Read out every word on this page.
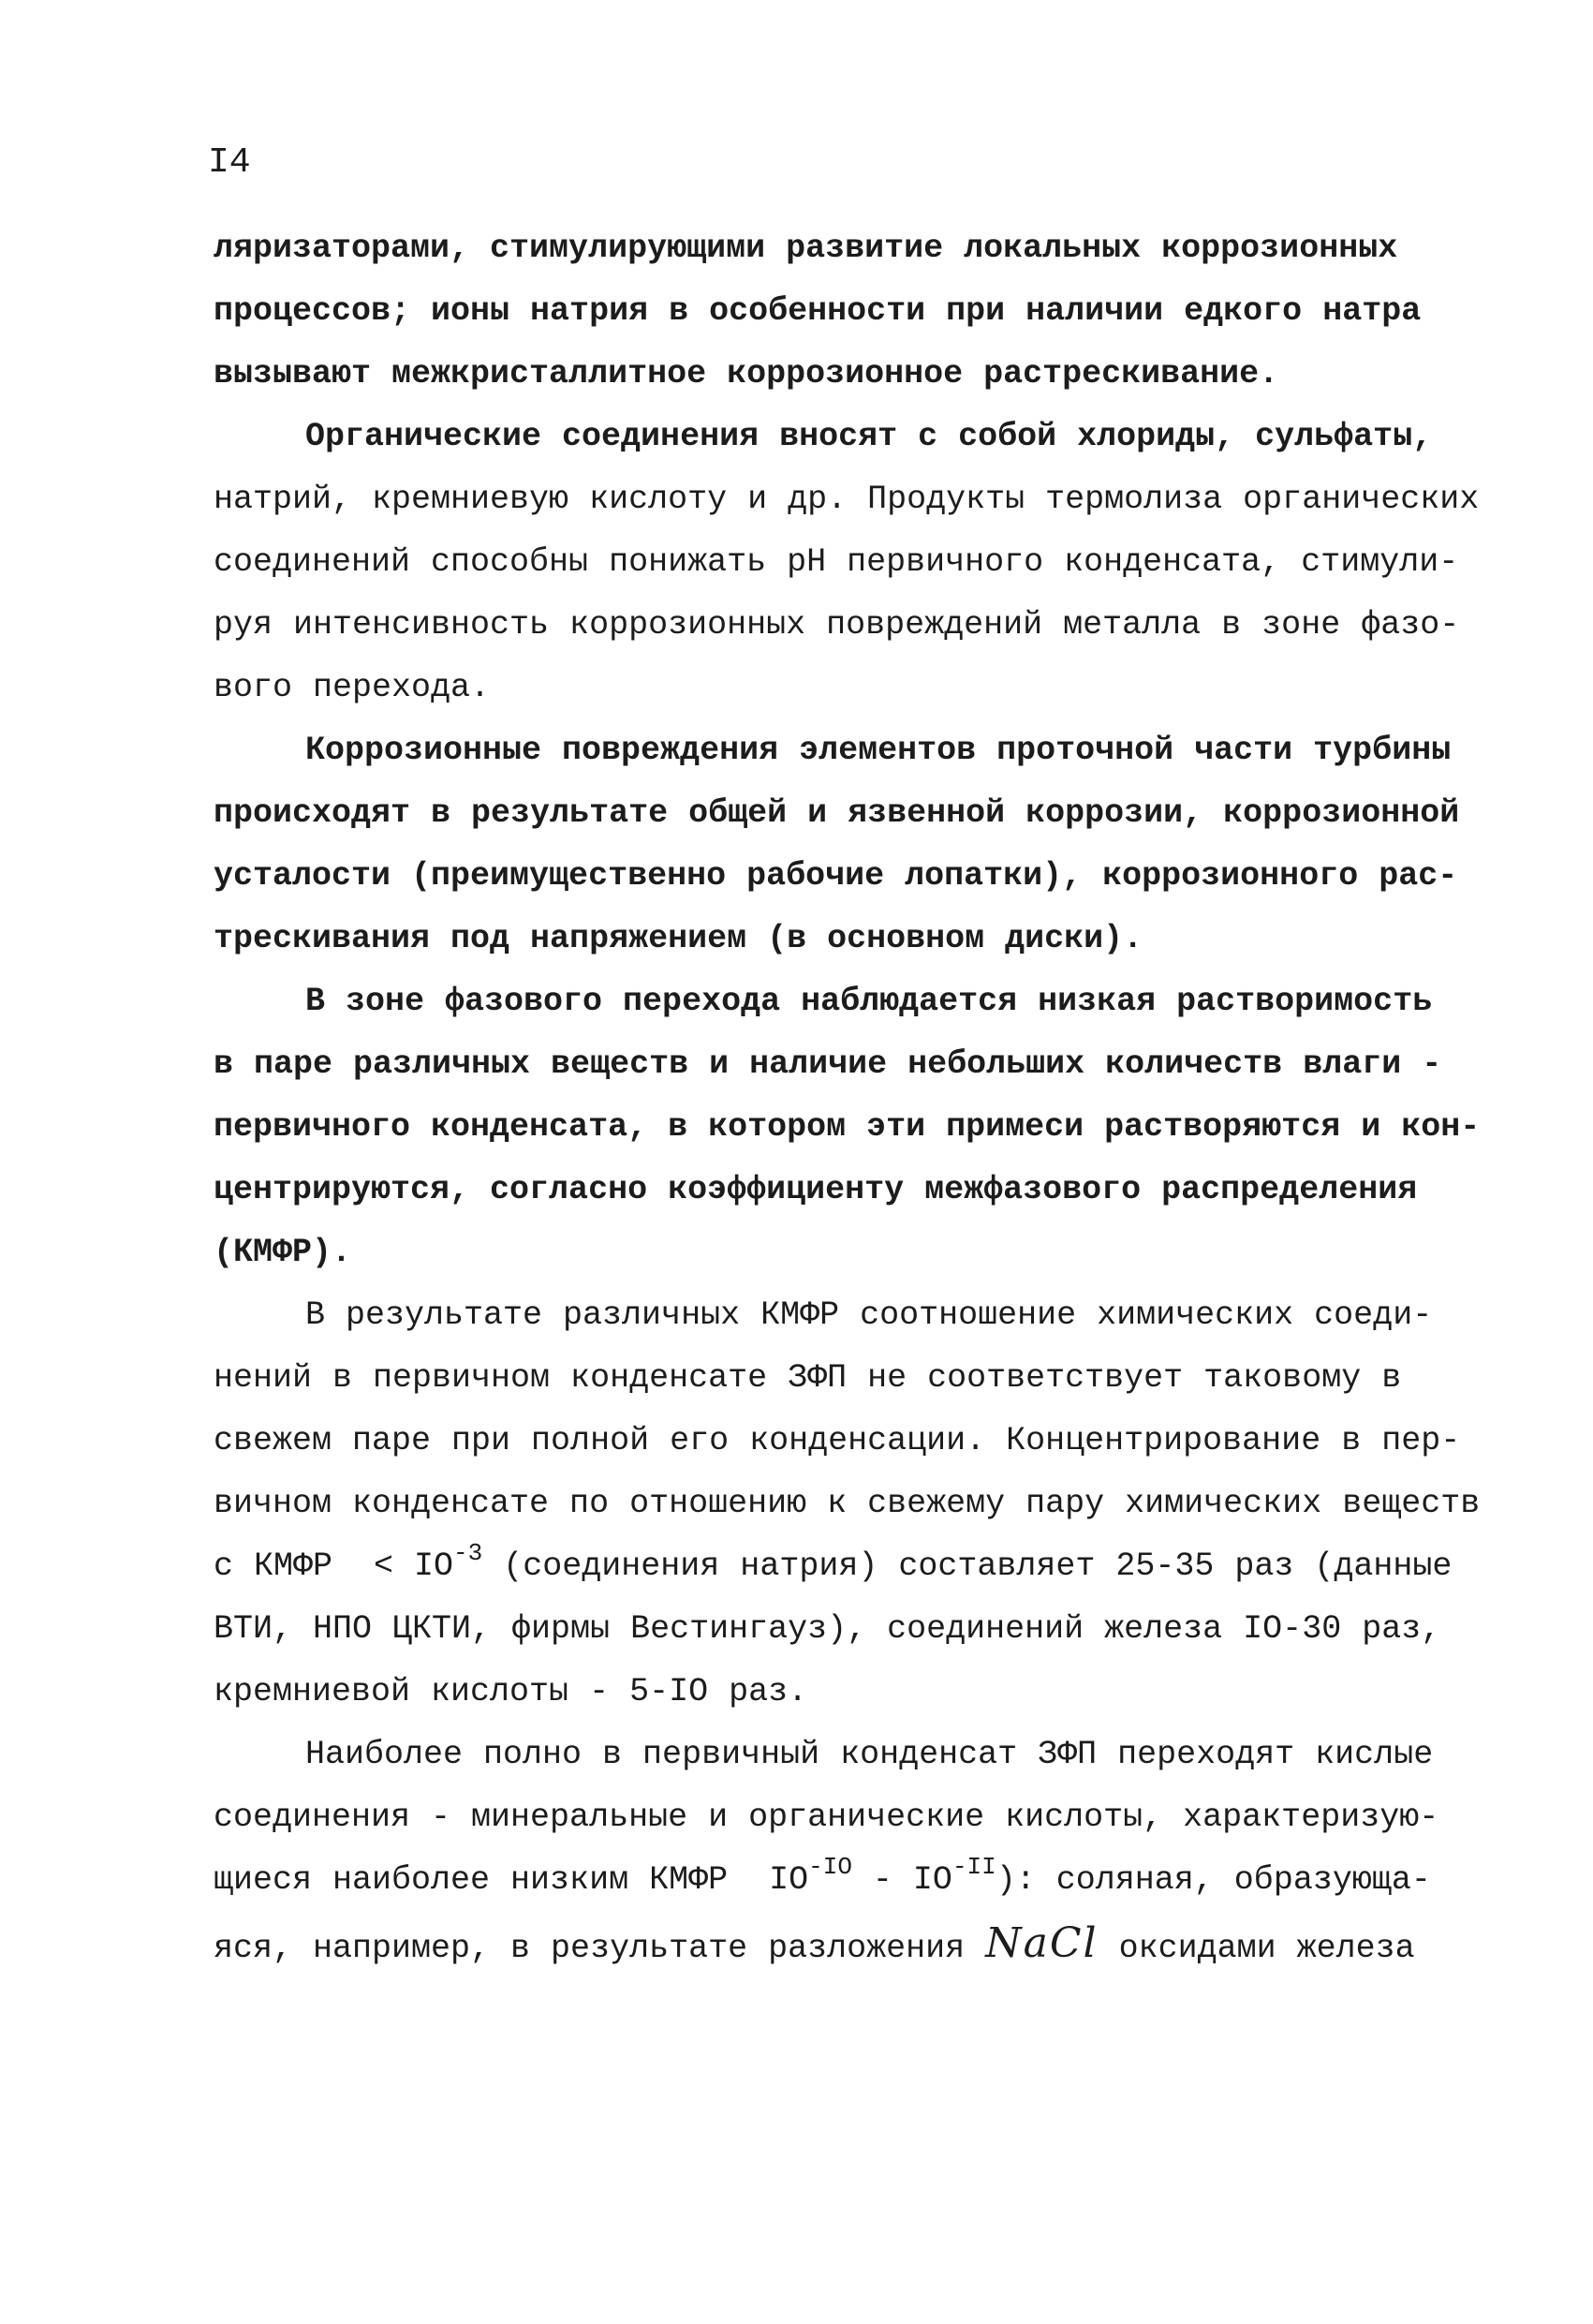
I4
ляризаторами, стимулирующими развитие локальных коррозионных
процессов; ионы натрия в особенности при наличии едкого натра
вызывают межкристаллитное коррозионное растрескивание.
Органические соединения вносят с собой хлориды, сульфаты,
натрий, кремниевую кислоту и др. Продукты термолиза органических
соединений способны понижать pH первичного конденсата, стимули-
руя интенсивность коррозионных повреждений металла в зоне фазо-
вого перехода.
Коррозионные повреждения элементов проточной части турбины
происходят в результате общей и язвенной коррозии, коррозионной
усталости (преимущественно рабочие лопатки), коррозионного рас-
трескивания под напряжением (в основном диски).
В зоне фазового перехода наблюдается низкая растворимость
в паре различных веществ и наличие небольших количеств влаги -
первичного конденсата, в котором эти примеси растворяются и кон-
центрируются, согласно коэффициенту межфазового распределения
(КМФР).
В результате различных КМФР соотношение химических соеди-
нений в первичном конденсате ЗФП не соответствует таковому в
свежем паре при полной его конденсации. Концентрирование в пер-
вичном конденсате по отношению к свежему пару химических веществ
с КМФР  < $IO^{-3}$ (соединения натрия) составляет 25-35 раз (данные
ВТИ, НПО ЦКТИ, фирмы Вестингауз), соединений железа IO-30 раз,
кремниевой кислоты - 5-IO раз.
Наиболее полно в первичный конденсат ЗФП переходят кислые
соединения - минеральные и органические кислоты, характеризую-
щиеся наиболее низким КМФР  $IO^{-IO} - IO^{-II}$): соляная, образующа-
яся, например, в результате разложения NaCl оксидами железа
